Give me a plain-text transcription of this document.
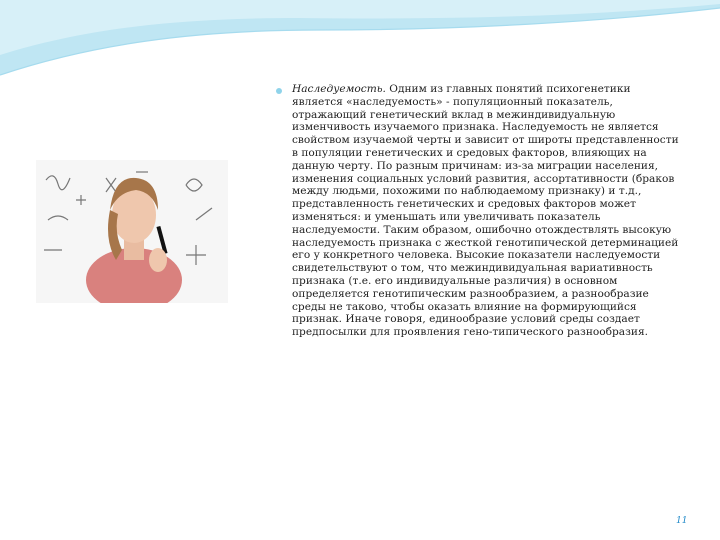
Наследуемость. Одним из главных понятий психогенетики является «наследуемость» - популяционный показатель, отражающий генетический вклад в межиндивидуальную изменчивость изучаемого признака. Наследуемость не является свойством изучаемой черты и зависит от широты представленности в популяции генетических и средовых факторов, влияющих на данную черту. По разным причинам: из-за миграции населения, изменения социальных условий развития, ассортативности (браков между людьми, похожими по наблюдаемому признаку) и т.д., представленность генетических и средовых факторов может изменяться: и уменьшать или увеличивать показатель наследуемости. Таким образом, ошибочно отождествлять высокую наследуемость признака с жесткой генотипической детерминацией его у конкретного человека. Высокие показатели наследуемости свидетельствуют о том, что межиндивидуальная вариативность признака (т.е. его индивидуальные различия) в основном определяется генотипическим разнообразием, а разнообразие среды не таково, чтобы оказать влияние на формирующийся признак. Иначе говоря, единообразие условий среды создает предпосылки для проявления гено-типического разнообразия.
11
